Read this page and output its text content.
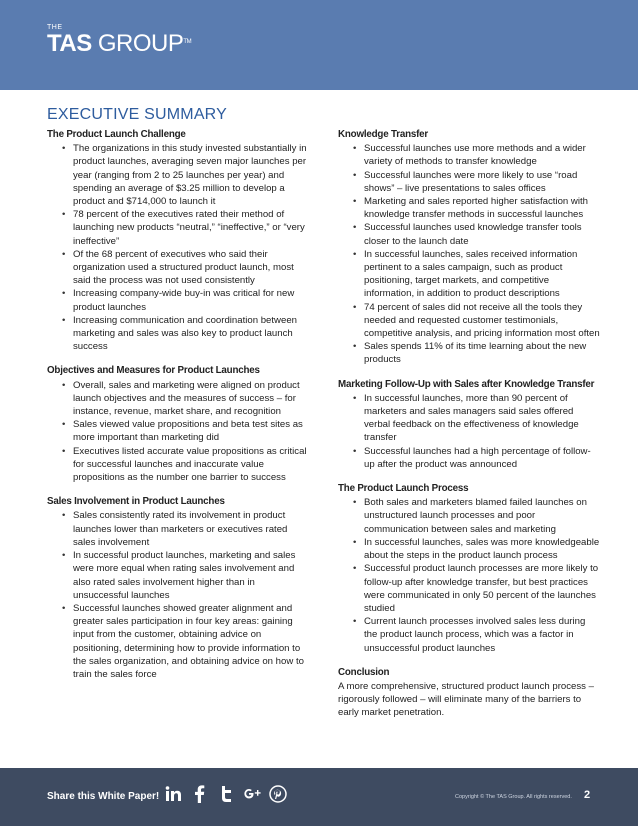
THE
TAS GROUP™
EXECUTIVE SUMMARY
The Product Launch Challenge
• The organizations in this study invested substantially in product launches, averaging seven major launches per year (ranging from 2 to 25 launches per year) and spending an average of $3.25 million to develop a product and $714,000 to launch it
• 78 percent of the executives rated their method of launching new products “neutral,” “ineffective,” or “very ineffective”
• Of the 68 percent of executives who said their organization used a structured product launch, most said the process was not used consistently
• Increasing company-wide buy-in was critical for new product launches
• Increasing communication and coordination between marketing and sales was also key to product launch success
Objectives and Measures for Product Launches
• Overall, sales and marketing were aligned on product launch objectives and the measures of success – for instance, revenue, market share, and recognition
• Sales viewed value propositions and beta test sites as more important than marketing did
• Executives listed accurate value propositions as critical for successful launches and inaccurate value propositions as the number one barrier to success
Sales Involvement in Product Launches
• Sales consistently rated its involvement in product launches lower than marketers or executives rated sales involvement
• In successful product launches, marketing and sales were more equal when rating sales involvement and also rated sales involvement higher than in unsuccessful launches
• Successful launches showed greater alignment and greater sales participation in four key areas: gaining input from the customer, obtaining advice on positioning, determining how to provide information to the sales organization, and obtaining advice on how to train the sales force
Knowledge Transfer
• Successful launches use more methods and a wider variety of methods to transfer knowledge
• Successful launches were more likely to use “road shows” – live presentations to sales offices
• Marketing and sales reported higher satisfaction with knowledge transfer methods in successful launches
• Successful launches used knowledge transfer tools closer to the launch date
• In successful launches, sales received information pertinent to a sales campaign, such as product positioning, target markets, and competitive information, in addition to product descriptions
• 74 percent of sales did not receive all the tools they needed and requested customer testimonials, competitive analysis, and pricing information most often
• Sales spends 11% of its time learning about the new products
Marketing Follow-Up with Sales after Knowledge Transfer
• In successful launches, more than 90 percent of marketers and sales managers said sales offered verbal feedback on the effectiveness of knowledge transfer
• Successful launches had a high percentage of follow-up after the product was announced
The Product Launch Process
• Both sales and marketers blamed failed launches on unstructured launch processes and poor communication between sales and marketing
• In successful launches, sales was more knowledgeable about the steps in the product launch process
• Successful product launch processes are more likely to follow-up after knowledge transfer, but best practices were communicated in only 50 percent of the launches studied
• Current launch processes involved sales less during the product launch process, which was a factor in unsuccessful product launches
Conclusion

A more comprehensive, structured product launch process – rigorously followed – will eliminate many of the barriers to early market penetration.

Share this White Paper!	Copyright © The TAS Group. All rights reserved. 2
